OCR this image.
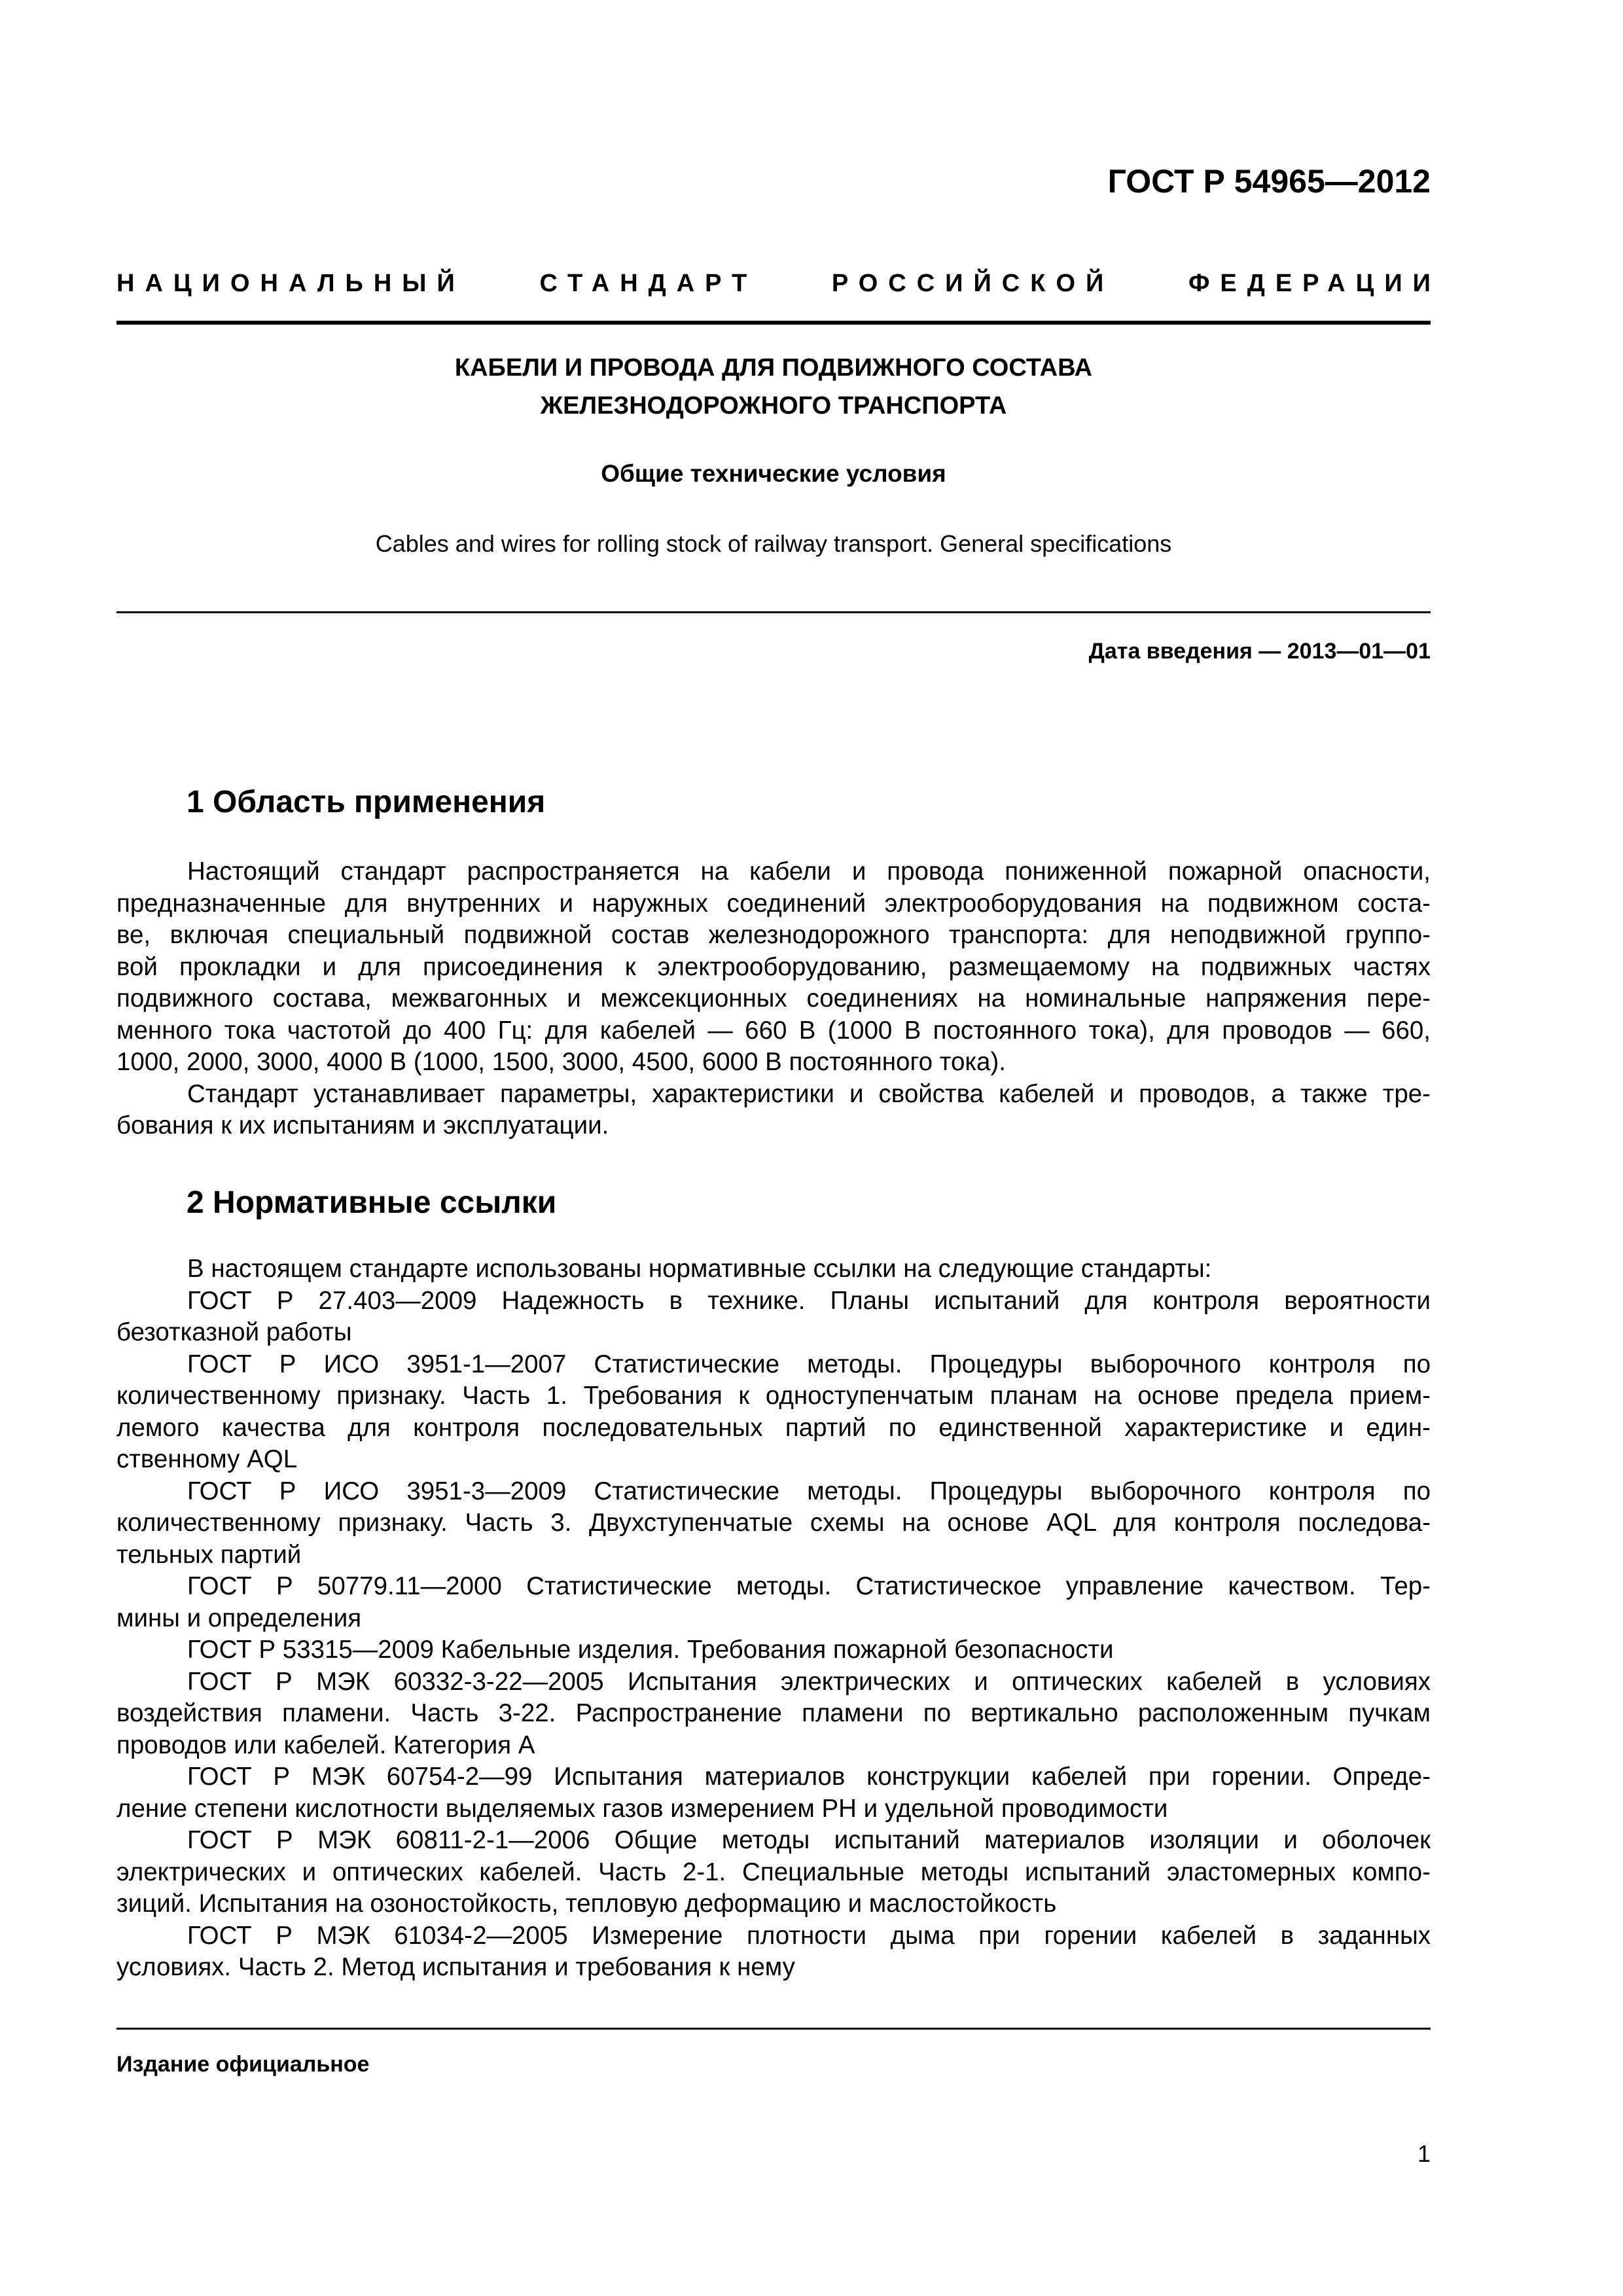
ГОСТ Р 54965—2012
НАЦИОНАЛЬНЫЙ	СТАНДАРТ	РОССИЙСКОЙ	ФЕДЕРАЦИИ
КАБЕЛИ И ПРОВОДА ДЛЯ ПОДВИЖНОГО СОСТАВА
ЖЕЛЕЗНОДОРОЖНОГО ТРАНСПОРТА
Общие технические условия
Cables and wires for rolling stock of railway transport. General specifications
Дата введения — 2013—01—01
1 Область применения
Настоящий стандарт распространяется на кабели и провода пониженной пожарной опасности,
предназначенные для внутренних и наружных соединений электрооборудования на подвижном соста-
ве, включая специальный подвижной состав железнодорожного транспорта: для неподвижной группо-
вой прокладки и для присоединения к электрооборудованию, размещаемому на подвижных частях
подвижного состава, межвагонных и межсекционных соединениях на номинальные напряжения пере-
менного тока частотой до 400 Гц: для кабелей — 660 В (1000 В постоянного тока), для проводов — 660,
1000, 2000, 3000, 4000 В (1000, 1500, 3000, 4500, 6000 В постоянного тока).
Стандарт устанавливает параметры, характеристики и свойства кабелей и проводов, а также тре-
бования к их испытаниям и эксплуатации.
2 Нормативные ссылки
В настоящем стандарте использованы нормативные ссылки на следующие стандарты:
ГОСТ Р 27.403—2009 Надежность в технике. Планы испытаний для контроля вероятности
безотказной работы
ГОСТ Р ИСО 3951-1—2007 Статистические методы. Процедуры выборочного контроля по
количественному признаку. Часть 1. Требования к одноступенчатым планам на основе предела прием-
лемого качества для контроля последовательных партий по единственной характеристике и един-
ственному AQL
ГОСТ Р ИСО 3951-3—2009 Статистические методы. Процедуры выборочного контроля по
количественному признаку. Часть 3. Двухступенчатые схемы на основе AQL для контроля последова-
тельных партий
ГОСТ Р 50779.11—2000 Статистические методы. Статистическое управление качеством. Тер-
мины и определения
ГОСТ Р 53315—2009 Кабельные изделия. Требования пожарной безопасности
ГОСТ Р МЭК 60332-3-22—2005 Испытания электрических и оптических кабелей в условиях
воздействия пламени. Часть 3-22. Распространение пламени по вертикально расположенным пучкам
проводов или кабелей. Категория А
ГОСТ Р МЭК 60754-2—99 Испытания материалов конструкции кабелей при горении. Опреде-
ление степени кислотности выделяемых газов измерением PH и удельной проводимости
ГОСТ Р МЭК 60811-2-1—2006 Общие методы испытаний материалов изоляции и оболочек
электрических и оптических кабелей. Часть 2-1. Специальные методы испытаний эластомерных компо-
зиций. Испытания на озоностойкость, тепловую деформацию и маслостойкость
ГОСТ Р МЭК 61034-2—2005 Измерение плотности дыма при горении кабелей в заданных
условиях. Часть 2. Метод испытания и требования к нему
Издание официальное
1
